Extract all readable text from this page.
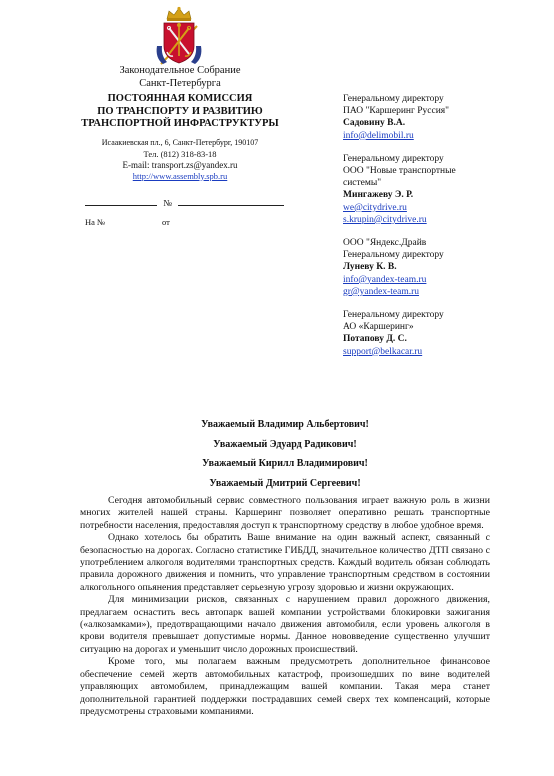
Законодательное Собрание
Санкт-Петербурга
ПОСТОЯННАЯ КОМИССИЯ
ПО ТРАНСПОРТУ И РАЗВИТИЮ
ТРАНСПОРТНОЙ ИНФРАСТРУКТУРЫ
Исаакиевская пл., 6, Санкт-Петербург, 190107
Тел. (812) 318-83-18
E-mail: transport.zs@yandex.ru
http://www.assembly.spb.ru
№
На №	от
Генеральному директору
ПАО "Каршеринг Руссия"
Садовину В.А.
info@delimobil.ru
Генеральному директору
ООО "Новые транспортные
системы"
Мингажеву Э. Р.
we@citydrive.ru
s.krupin@citydrive.ru
ООО "Яндекс.Драйв
Генеральному директору
Луневу К. В.
info@yandex-team.ru
gr@yandex-team.ru
Генеральному директору
АО «Каршеринг»
Потапову Д. С.
support@belkacar.ru
Уважаемый Владимир Альбертович!
Уважаемый Эдуард Радикович!
Уважаемый Кирилл Владимирович!
Уважаемый Дмитрий Сергеевич!

Сегодня автомобильный сервис совместного пользования играет важную роль в жизни многих жителей нашей страны. Каршеринг позволяет оперативно решать транспортные потребности населения, предоставляя доступ к транспортному средству в любое удобное время.

Однако хотелось бы обратить Ваше внимание на один важный аспект, связанный с безопасностью на дорогах. Согласно статистике ГИБДД, значительное количество ДТП связано с употреблением алкоголя водителями транспортных средств. Каждый водитель обязан соблюдать правила дорожного движения и помнить, что управление транспортным средством в состоянии алкогольного опьянения представляет серьезную угрозу здоровью и жизни окружающих.

Для минимизации рисков, связанных с нарушением правил дорожного движения, предлагаем оснастить весь автопарк вашей компании устройствами блокировки зажигания («алкозамками»), предотвращающими начало движения автомобиля, если уровень алкоголя в крови водителя превышает допустимые нормы. Данное нововведение существенно улучшит ситуацию на дорогах и уменьшит число дорожных происшествий.

Кроме того, мы полагаем важным предусмотреть дополнительное финансовое обеспечение семей жертв автомобильных катастроф, произошедших по вине водителей управляющих автомобилем, принадлежащим вашей компании. Такая мера станет дополнительной гарантией поддержки пострадавших семей сверх тех компенсаций, которые предусмотрены страховыми компаниями.
